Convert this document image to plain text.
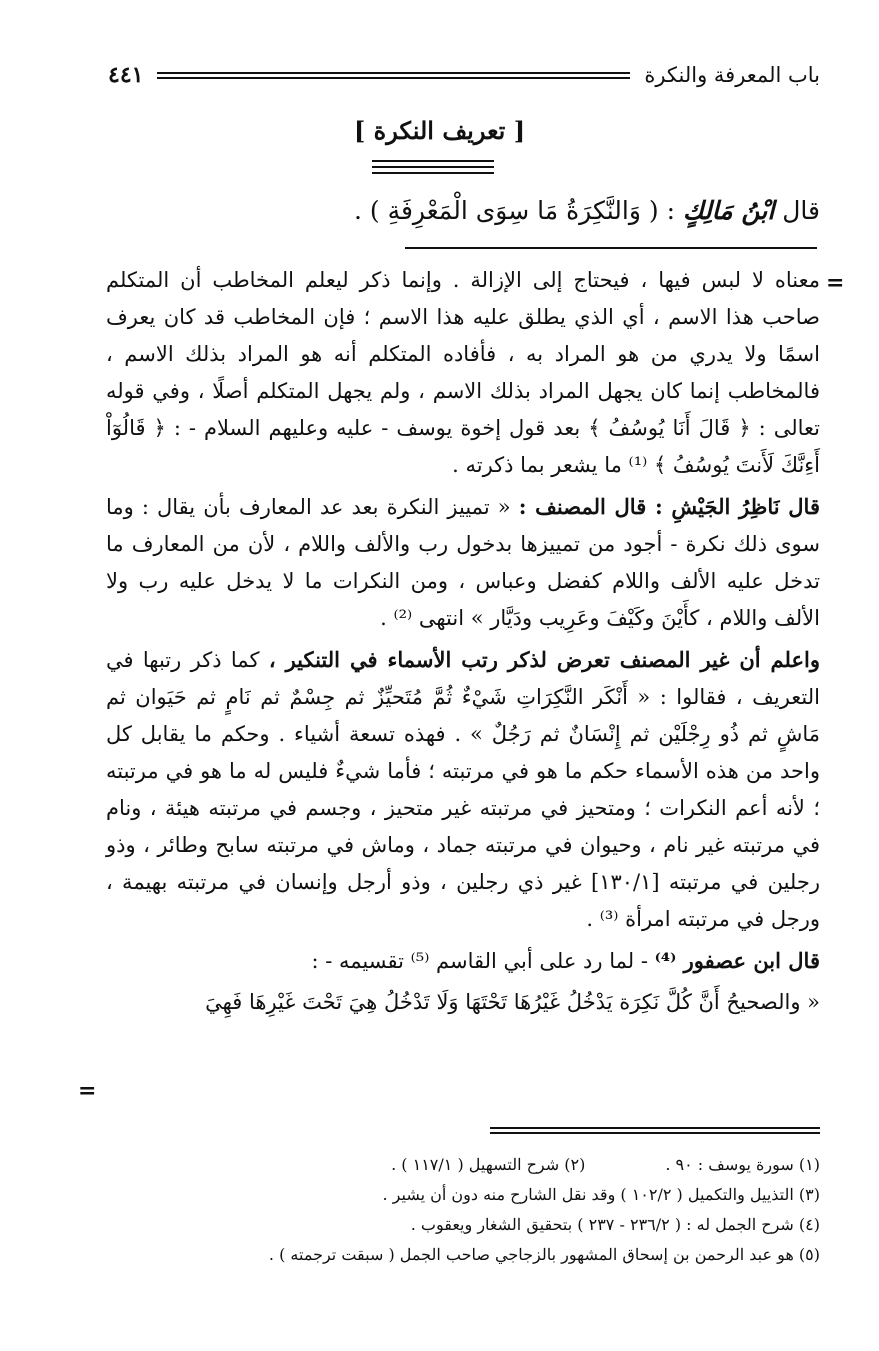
باب المعرفة والنكرة
٤٤١
[ تعريف النكرة ]
قال ابْنُ مَالِكٍ : ( وَالنَّكِرَةُ مَا سِوَى الْمَعْرِفَةِ ) .
=
=

معناه لا لبس فيها ، فيحتاج إلى الإزالة . وإنما ذكر ليعلم المخاطب أن المتكلم صاحب هذا الاسم ، أي الذي يطلق عليه هذا الاسم ؛ فإن المخاطب قد كان يعرف اسمًا ولا يدري من هو المراد به ، فأفاده المتكلم أنه هو المراد بذلك الاسم ، فالمخاطب إنما كان يجهل المراد بذلك الاسم ، ولم يجهل المتكلم أصلًا ، وفي قوله تعالى : ﴿ قَالَ أَنَا يُوسُفُ ﴾ بعد قول إخوة يوسف - عليه وعليهم السلام - : ﴿ قَالُوٓاْ أَءِنَّكَ لَأَنتَ يُوسُفُ ﴾ ⁽¹⁾ ما يشعر بما ذكرته .

قال نَاظِرُ الجَيْشِ : قال المصنف : « تمييز النكرة بعد عد المعارف بأن يقال : وما سوى ذلك نكرة - أجود من تمييزها بدخول رب والألف واللام ، لأن من المعارف ما تدخل عليه الألف واللام كفضل وعباس ، ومن النكرات ما لا يدخل عليه رب ولا الألف واللام ، كأَيْنَ وكَيْفَ وعَرِيب ودَيَّار » انتهى ⁽²⁾ .

واعلم أن غير المصنف تعرض لذكر رتب الأسماء في التنكير ، كما ذكر رتبها في التعريف ، فقالوا : « أَنْكَر النَّكِرَاتِ شَيْءٌ ثُمَّ مُتَحيِّزٌ ثم جِسْمٌ ثم نَامٍ ثم حَيَوان ثم مَاشٍ ثم ذُو رِجْلَيْن ثم إِنْسَانٌ ثم رَجُلٌ » . فهذه تسعة أشياء . وحكم ما يقابل كل واحد من هذه الأسماء حكم ما هو في مرتبته ؛ فأما شيءٌ فليس له ما هو في مرتبته ؛ لأنه أعم النكرات ؛ ومتحيز في مرتبته غير متحيز ، وجسم في مرتبته هيئة ، ونام في مرتبته غير نام ، وحيوان في مرتبته جماد ، وماش في مرتبته سابح وطائر ، وذو رجلين في مرتبته [١٣٠/١] غير ذي رجلين ، وذو أرجل وإنسان في مرتبته بهيمة ، ورجل في مرتبته امرأة ⁽³⁾ .

قال ابن عصفور ⁽⁴⁾ - لما رد على أبي القاسم ⁽⁵⁾ تقسيمه - :

« والصحيحُ أَنَّ كُلَّ نَكِرَة يَدْخُلُ غَيْرُهَا تَحْتَهَا وَلَا تَدْخُلُ هِيَ تَحْتَ غَيْرِهَا فَهِيَ

(١) سورة يوسف : ٩٠ .
(٢) شرح التسهيل ( ١١٧/١ ) .
(٣) التذييل والتكميل ( ١٠٢/٢ ) وقد نقل الشارح منه دون أن يشير .
(٤) شرح الجمل له : ( ٢٣٦/٢ - ٢٣٧ ) بتحقيق الشغار ويعقوب .
(٥) هو عبد الرحمن بن إسحاق المشهور بالزجاجي صاحب الجمل ( سبقت ترجمته ) .
